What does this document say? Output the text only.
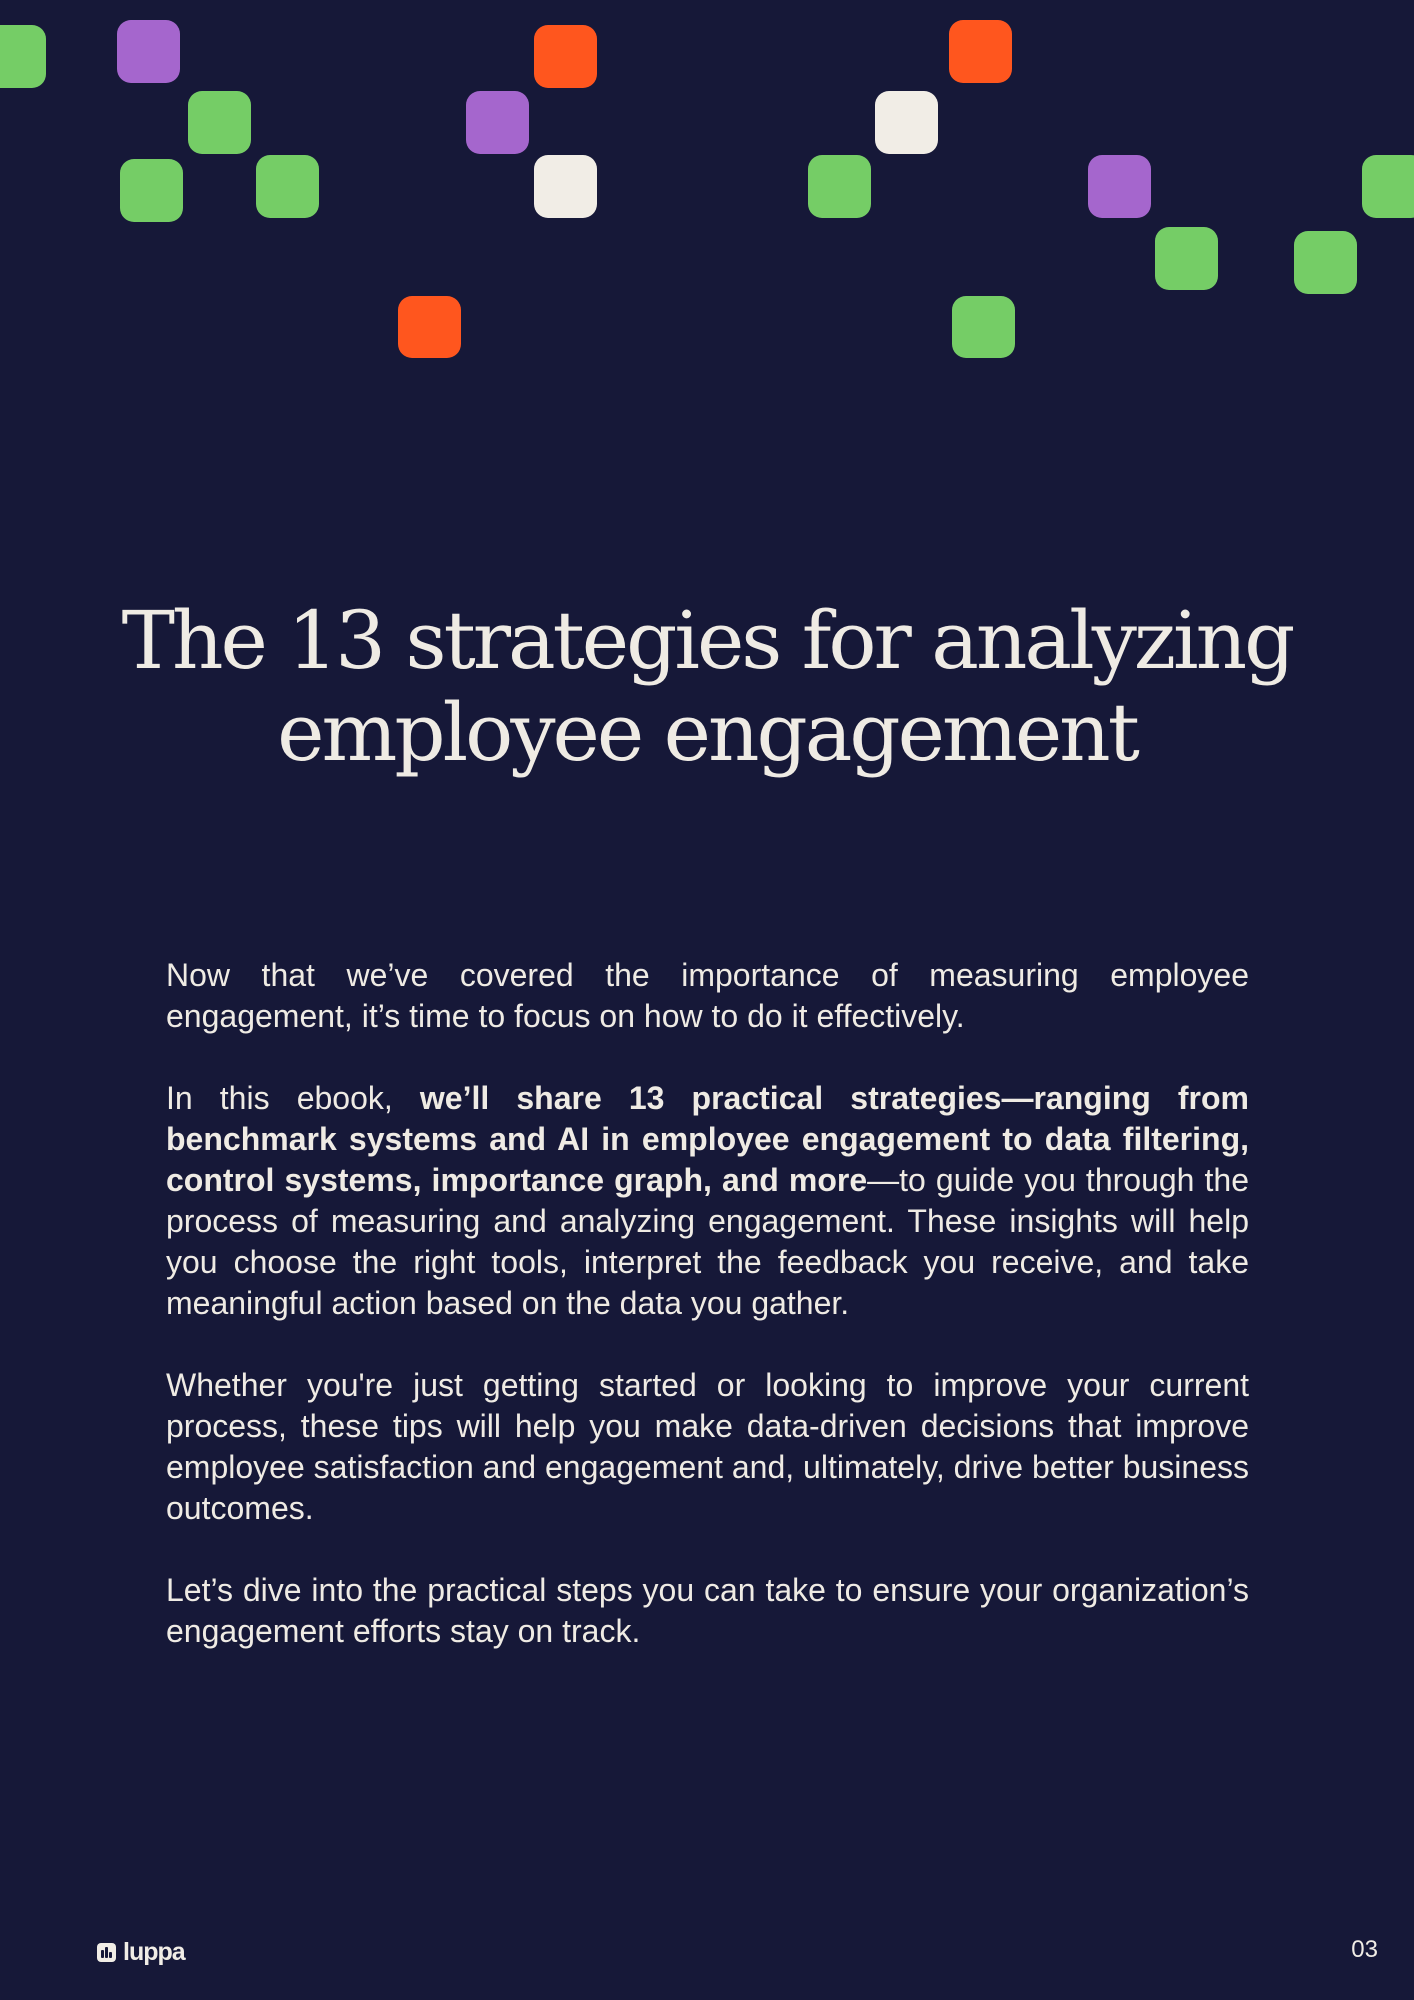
The 13 strategies for analyzing
employee engagement

Now that we’ve covered the importance of measuring employee engagement, it’s time to focus on how to do it effectively.

In this ebook, we’ll share 13 practical strategies—ranging from benchmark systems and AI in employee engagement to data filtering, control systems, importance graph, and more—to guide you through the process of measuring and analyzing engagement. These insights will help you choose the right tools, interpret the feedback you receive, and take meaningful action based on the data you gather.

Whether you're just getting started or looking to improve your current process, these tips will help you make data-driven decisions that improve employee satisfaction and engagement and, ultimately, drive better business outcomes.

Let’s dive into the practical steps you can take to ensure your organization’s engagement efforts stay on track.

luppa	03
